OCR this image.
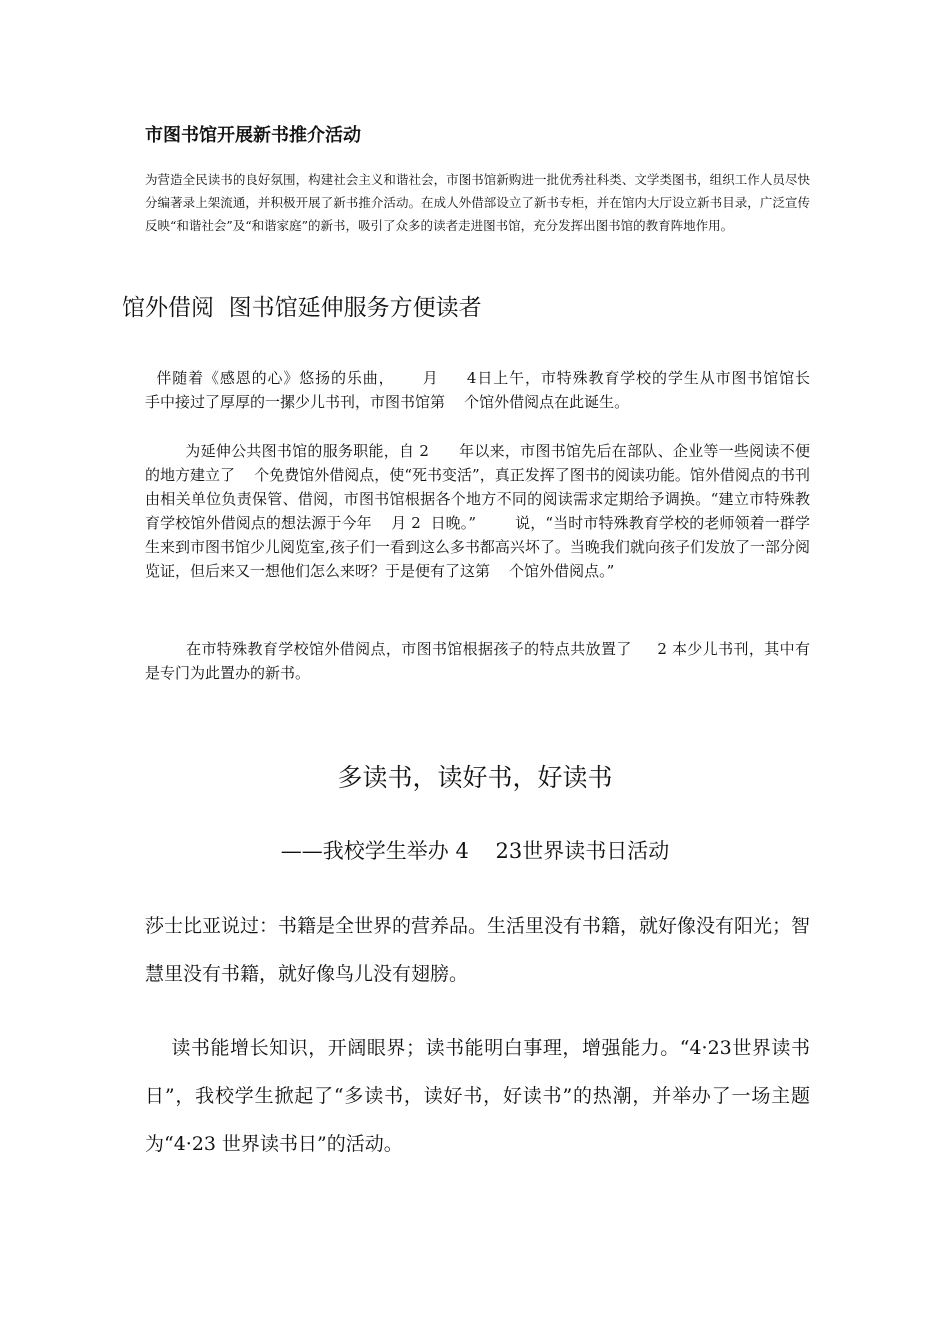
市图书馆开展新书推介活动

为营造全民读书的良好氛围，构建社会主义和谐社会，市图书馆新购进一批优秀社科类、文学类图书，组织工作人员尽快分编著录上架流通，并积极开展了新书推介活动。在成人外借部设立了新书专柜，并在馆内大厅设立新书目录，广泛宣传反映“和谐社会”及“和谐家庭”的新书，吸引了众多的读者走进图书馆，充分发挥出图书馆的教育阵地作用。

馆外借阅  图书馆延伸服务方便读者

伴随着《感恩的心》悠扬的乐曲，     月     4日上午，市特殊教育学校的学生从市图书馆馆长        手中接过了厚厚的一摞少儿书刊，市图书馆第    个馆外借阅点在此诞生。

为延伸公共图书馆的服务职能，自 2      年以来，市图书馆先后在部队、企业等一些阅读不便的地方建立了    个免费馆外借阅点，使“死书变活”，真正发挥了图书的阅读功能。馆外借阅点的书刊由相关单位负责保管、借阅，市图书馆根据各个地方不同的阅读需求定期给予调换。“建立市特殊教育学校馆外借阅点的想法源于今年    月 2  日晚。”        说，“当时市特殊教育学校的老师领着一群学生来到市图书馆少儿阅览室,孩子们一看到这么多书都高兴坏了。当晚我们就向孩子们发放了一部分阅览证，但后来又一想他们怎么来呀？于是便有了这第    个馆外借阅点。”

在市特殊教育学校馆外借阅点，市图书馆根据孩子的特点共放置了     2 本少儿书刊，其中有       是专门为此置办的新书。

多读书，读好书，好读书
——我校学生举办 4    23世界读书日活动

莎士比亚说过：书籍是全世界的营养品。生活里没有书籍，就好像没有阳光；智慧里没有书籍，就好像鸟儿没有翅膀。

读书能增长知识，开阔眼界；读书能明白事理，增强能力。“4·23世界读书日”，我校学生掀起了“多读书，读好书，好读书”的热潮，并举办了一场主题为“4·23 世界读书日”的活动。
